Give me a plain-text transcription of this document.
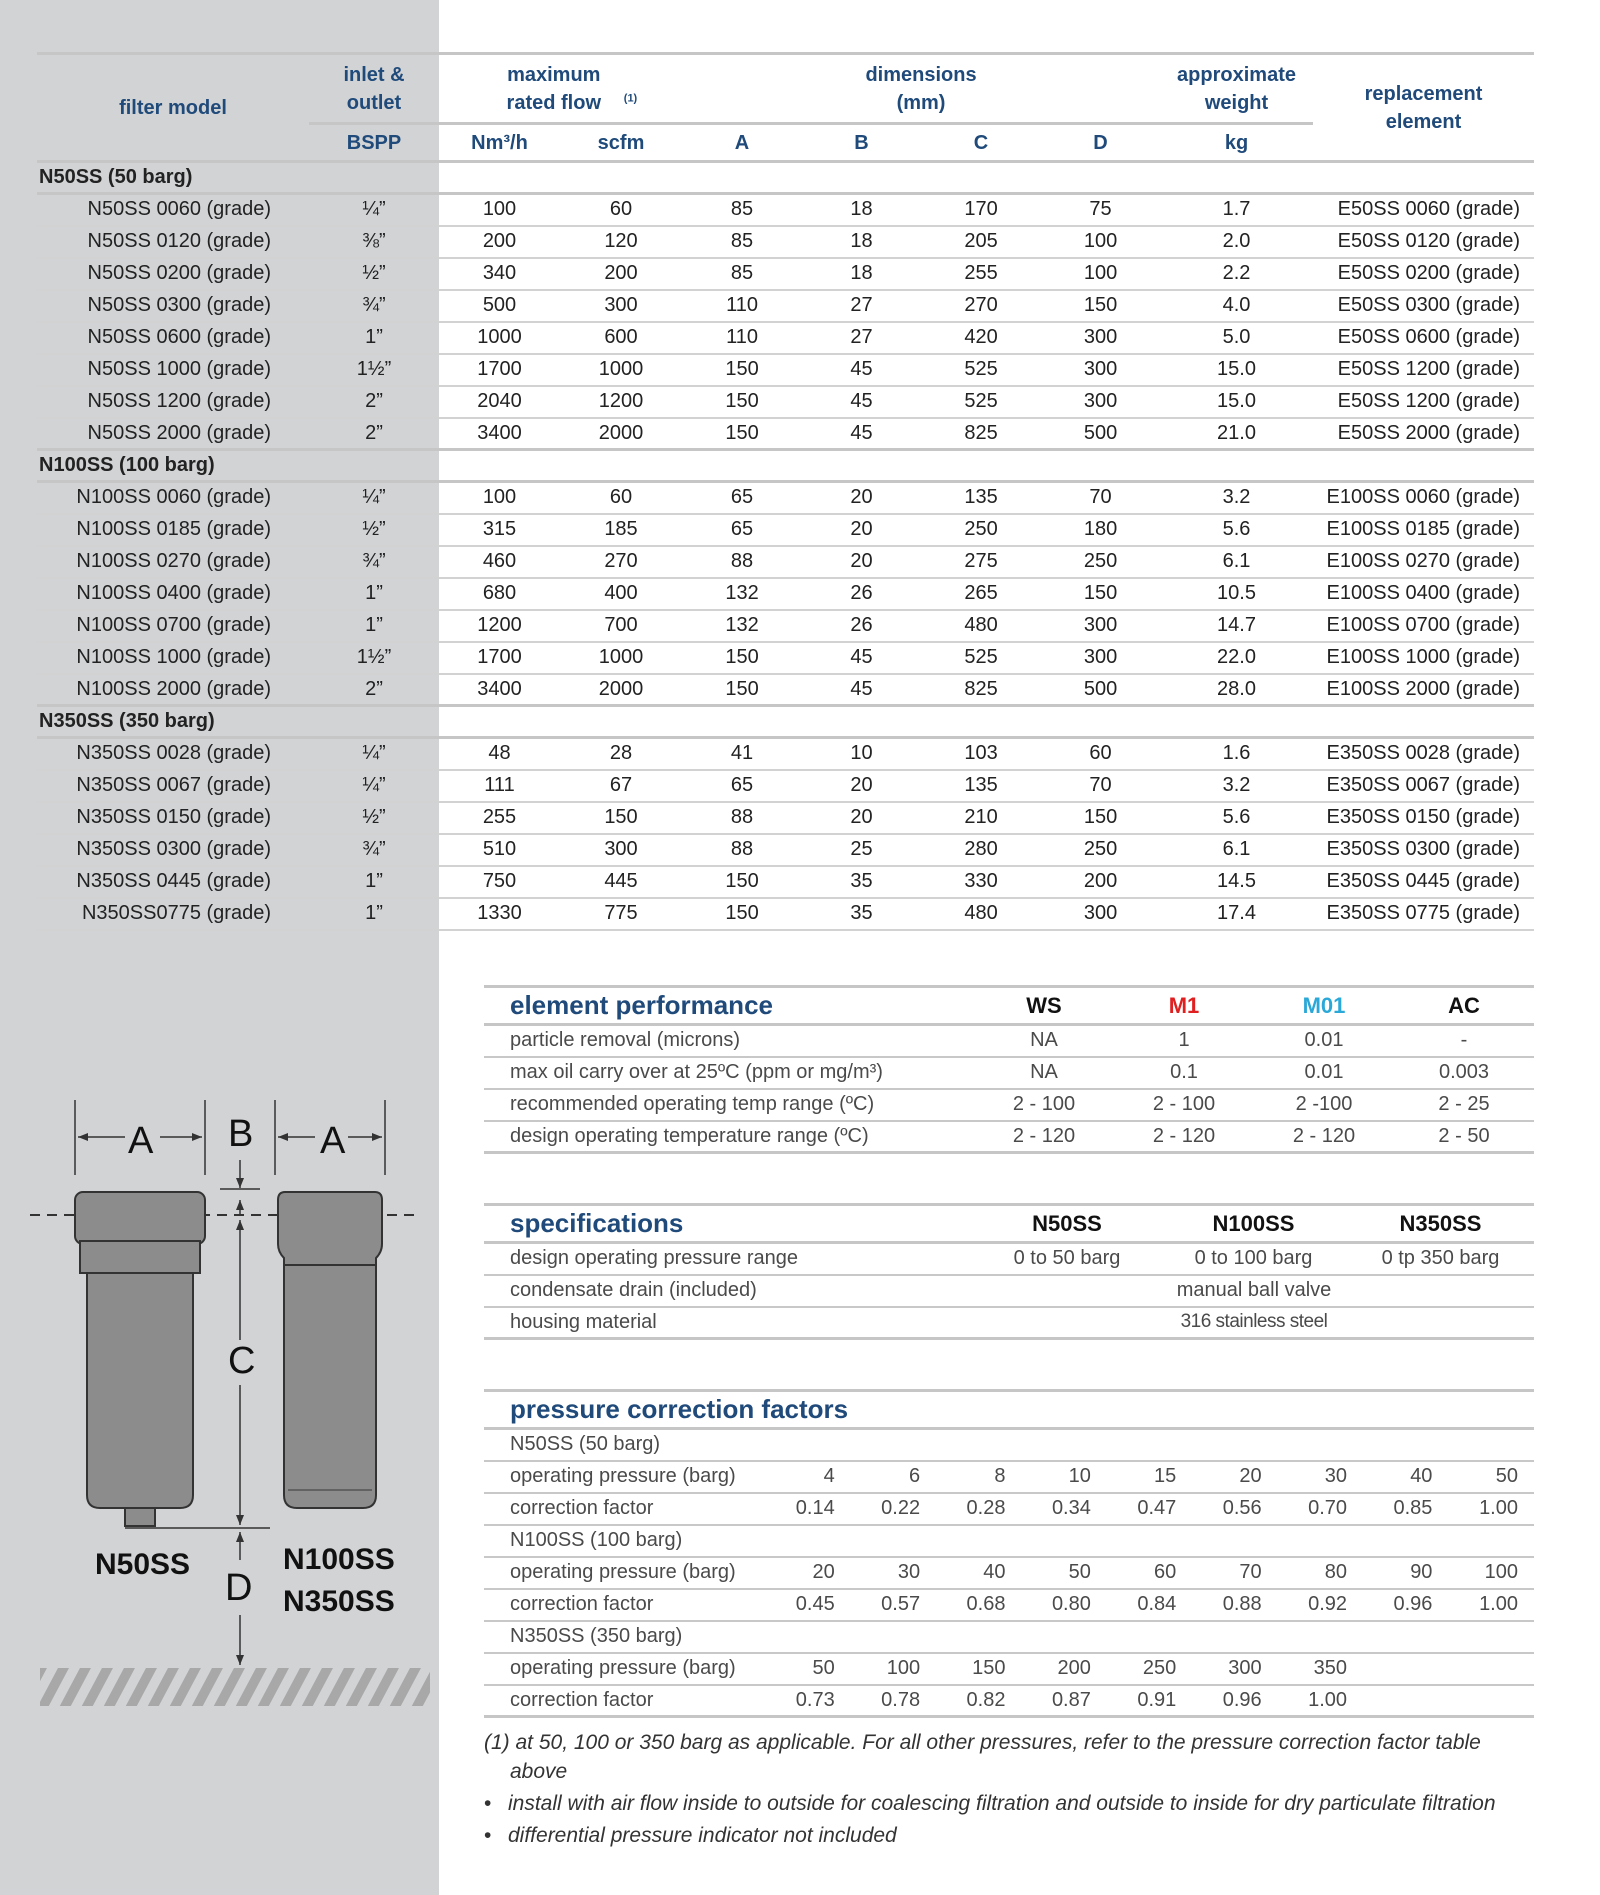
filter model	inlet & outlet	maximum rated flow $^{(1)}$		dimensions (mm)				approximate weight	replacement element
	BSPP	Nm³/h	scfm	A	B	C	D	kg	
N50SS (50 barg)									
N50SS 0060 (grade)	¼”	100	60	85	18	170	75	1.7	E50SS 0060 (grade)
N50SS 0120 (grade)	⅜”	200	120	85	18	205	100	2.0	E50SS 0120 (grade)
N50SS 0200 (grade)	½”	340	200	85	18	255	100	2.2	E50SS 0200 (grade)
N50SS 0300 (grade)	¾”	500	300	110	27	270	150	4.0	E50SS 0300 (grade)
N50SS 0600 (grade)	1”	1000	600	110	27	420	300	5.0	E50SS 0600 (grade)
N50SS 1000 (grade)	1½”	1700	1000	150	45	525	300	15.0	E50SS 1200 (grade)
N50SS 1200 (grade)	2”	2040	1200	150	45	525	300	15.0	E50SS 1200 (grade)
N50SS 2000 (grade)	2”	3400	2000	150	45	825	500	21.0	E50SS 2000 (grade)
N100SS (100 barg)									
N100SS 0060 (grade)	¼”	100	60	65	20	135	70	3.2	E100SS 0060 (grade)
N100SS 0185 (grade)	½”	315	185	65	20	250	180	5.6	E100SS 0185 (grade)
N100SS 0270 (grade)	¾”	460	270	88	20	275	250	6.1	E100SS 0270 (grade)
N100SS 0400 (grade)	1”	680	400	132	26	265	150	10.5	E100SS 0400 (grade)
N100SS 0700 (grade)	1”	1200	700	132	26	480	300	14.7	E100SS 0700 (grade)
N100SS 1000 (grade)	1½”	1700	1000	150	45	525	300	22.0	E100SS 1000 (grade)
N100SS 2000 (grade)	2”	3400	2000	150	45	825	500	28.0	E100SS 2000 (grade)
N350SS (350 barg)									
N350SS 0028 (grade)	¼”	48	28	41	10	103	60	1.6	E350SS 0028 (grade)
N350SS 0067 (grade)	¼”	111	67	65	20	135	70	3.2	E350SS 0067 (grade)
N350SS 0150 (grade)	½”	255	150	88	20	210	150	5.6	E350SS 0150 (grade)
N350SS 0300 (grade)	¾”	510	300	88	25	280	250	6.1	E350SS 0300 (grade)
N350SS 0445 (grade)	1”	750	445	150	35	330	200	14.5	E350SS 0445 (grade)
N350SS0775 (grade)	1”	1330	775	150	35	480	300	17.4	E350SS 0775 (grade)
element performance	WS	M1	M01	AC
particle removal (microns)	NA	1	0.01	-
max oil carry over at 25ºC (ppm or mg/m³)	NA	0.1	0.01	0.003
recommended operating temp range (ºC)	2 - 100	2 - 100	2 -100	2 - 25
design operating temperature range (ºC)	2 - 120	2 - 120	2 - 120	2 - 50
specifications	N50SS	N100SS	N350SS
design operating pressure range	0 to 50 barg	0 to 100 barg	0 tp 350 barg
condensate drain (included)	manual ball valve		
housing material	316 stainless steel		
pressure correction factors									
N50SS (50 barg)									
operating pressure (barg)	4	6	8	10	15	20	30	40	50
correction factor	0.14	0.22	0.28	0.34	0.47	0.56	0.70	0.85	1.00
N100SS (100 barg)									
operating pressure (barg)	20	30	40	50	60	70	80	90	100
correction factor	0.45	0.57	0.68	0.80	0.84	0.88	0.92	0.96	1.00
N350SS (350 barg)									
operating pressure (barg)	50	100	150	200	250	300	350		
correction factor	0.73	0.78	0.82	0.87	0.91	0.96	1.00		
(1) at 50, 100 or 350 barg as applicable. For all other pressures, refer to the pressure correction factor table
above
• install with air flow inside to outside for coalescing filtration and outside to inside for dry particulate filtration
• differential pressure indicator not included
A B A
C
D
N50SS	N100SS
N350SS
